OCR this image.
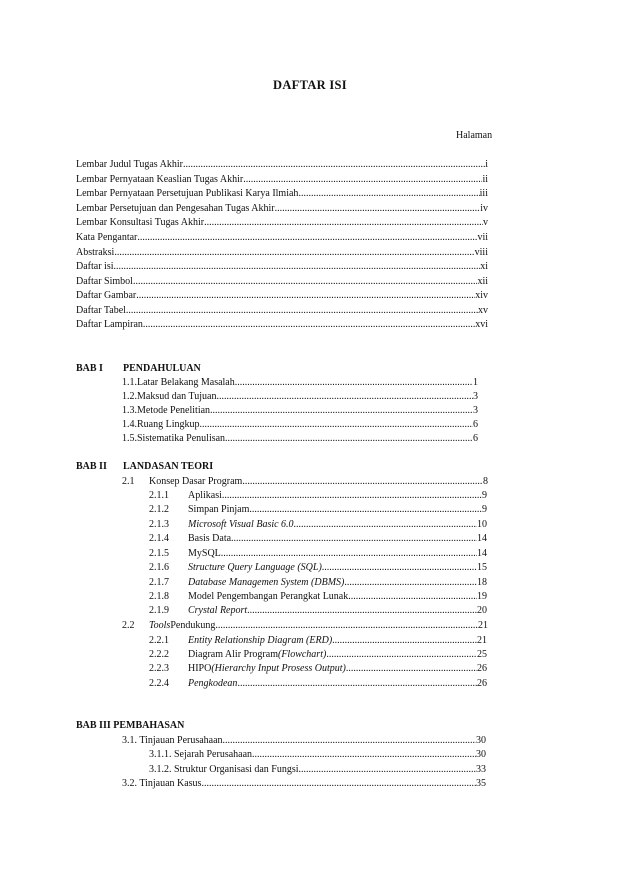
DAFTAR ISI
Halaman
Lembar Judul Tugas Akhir .....	i
Lembar Pernyataan Keaslian Tugas Akhir .....	ii
Lembar Pernyataan Persetujuan Publikasi Karya Ilmiah .....	iii
Lembar Persetujuan dan Pengesahan Tugas Akhir .....	iv
Lembar Konsultasi Tugas Akhir .....	v
Kata Pengantar .....	vii
Abstraksi .....	viii
Daftar isi .....	xi
Daftar Simbol .....	xii
Daftar Gambar .....	xiv
Daftar Tabel .....	xv
Daftar Lampiran .....	xvi
BAB I PENDAHULUAN
1.1.Latar Belakang Masalah .....	1
1.2.Maksud dan Tujuan .....	3
1.3.Metode Penelitian .....	3
1.4.Ruang Lingkup .....	6
1.5.Sistematika Penulisan .....	6
BAB II LANDASAN TEORI
2.1	Konsep Dasar Program .....	8
2.1.1	Aplikasi .....	9
2.1.2	Simpan Pinjam .....	9
2.1.3	Microsoft Visual Basic 6.0 .....	10
2.1.4	Basis Data .....	14
2.1.5	MySQL .....	14
2.1.6	Structure Query Language (SQL) .....	15
2.1.7	Database Managemen System (DBMS) .....	18
2.1.8	Model Pengembangan Perangkat Lunak .....	19
2.1.9	Crystal Report .....	20
2.2	Tools Pendukung .....	21
2.2.1	Entity Relationship Diagram (ERD) .....	21
2.2.2	Diagram Alir Program (Flowchart) .....	25
2.2.3	HIPO (Hierarchy Input Prosess Output) .....	26
2.2.4	Pengkodean .....	26
BAB III PEMBAHASAN
3.1. Tinjauan Perusahaan .....	30
3.1.1. Sejarah Perusahaan .....	30
3.1.2. Struktur Organisasi dan Fungsi .....	33
3.2. Tinjauan Kasus .....	35
